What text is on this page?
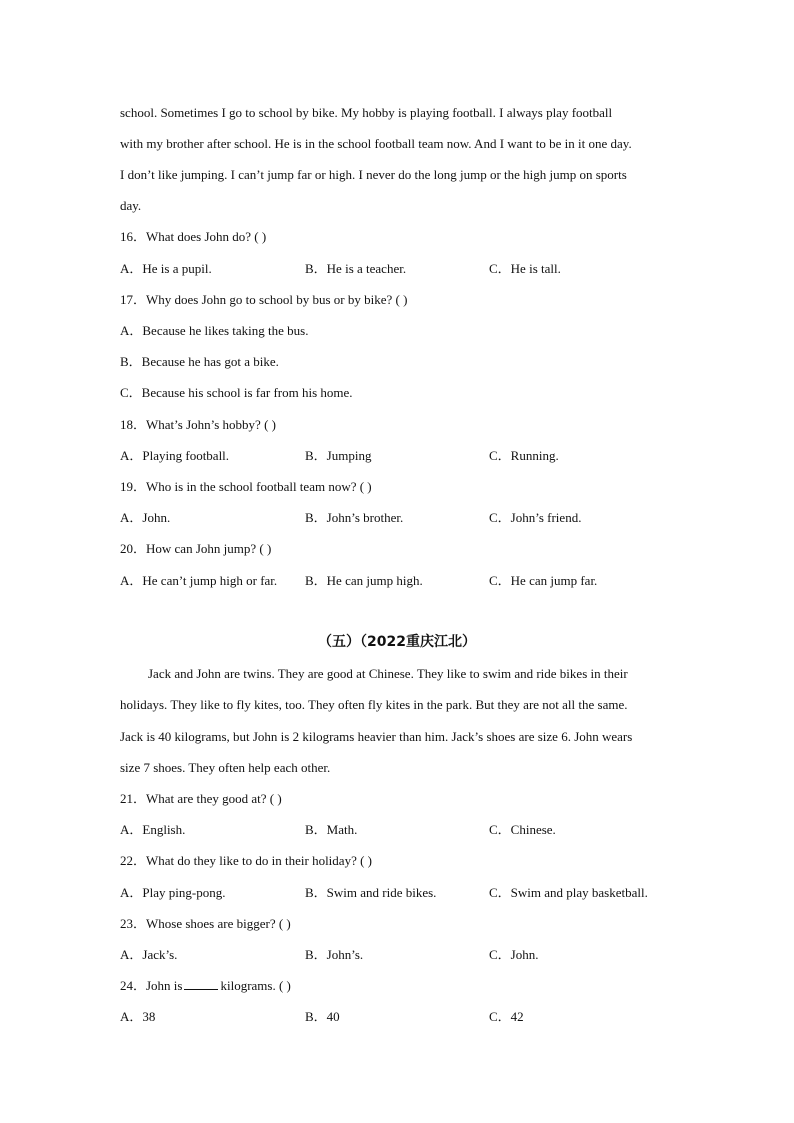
school. Sometimes I go to school by bike. My hobby is playing football. I always play football
with my brother after school. He is in the school football team now. And I want to be in it one day.
I don’t like jumping. I can’t jump far or high. I never do the long jump or the high jump on sports
day.
16．What does John do? ( )
A．He is a pupil.	B．He is a teacher.	C．He is tall.
17．Why does John go to school by bus or by bike? ( )
A．Because he likes taking the bus.
B．Because he has got a bike.
C．Because his school is far from his home.
18．What’s John’s hobby? ( )
A．Playing football.	B．Jumping	C．Running.
19．Who is in the school football team now? ( )
A．John.	B．John’s brother.	C．John’s friend.
20．How can John jump? ( )
A．He can’t jump high or far. B．He can jump high.	C．He can jump far.
（五）（2022重庆江北）
Jack and John are twins. They are good at Chinese. They like to swim and ride bikes in their
holidays. They like to fly kites, too. They often fly kites in the park. But they are not all the same.
Jack is 40 kilograms, but John is 2 kilograms heavier than him. Jack’s shoes are size 6. John wears
size 7 shoes. They often help each other.
21．What are they good at? ( )
A．English.	B．Math.	C．Chinese.
22．What do they like to do in their holiday? ( )
A．Play ping-pong.	B．Swim and ride bikes.	C．Swim and play basketball.
23．Whose shoes are bigger? ( )
A．Jack’s.	B．John’s.	C．John.
24．John is	kilograms. ( )
A．38	B．40	C．42
